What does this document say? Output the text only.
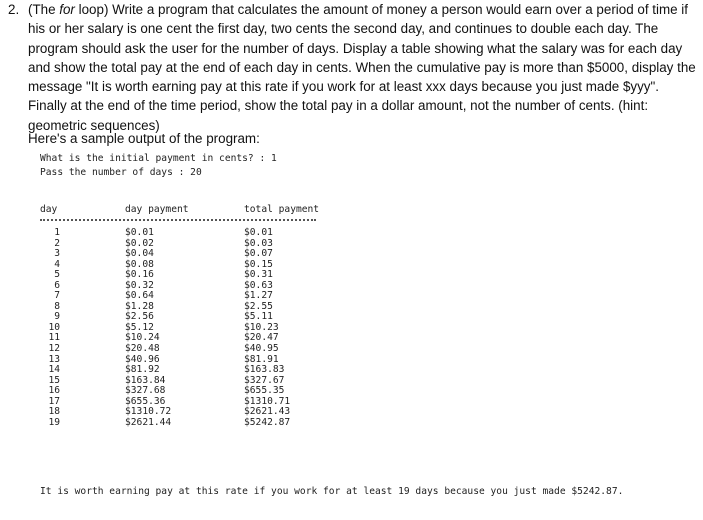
2. (The for loop) Write a program that calculates the amount of money a person would earn over a period of time if his or her salary is one cent the first day, two cents the second day, and continues to double each day. The program should ask the user for the number of days. Display a table showing what the salary was for each day and show the total pay at the end of each day in cents. When the cumulative pay is more than $5000, display the message "It is worth earning pay at this rate if you work for at least xxx days because you just made $yyy". Finally at the end of the time period, show the total pay in a dollar amount, not the number of cents. (hint: geometric sequences)

Here's a sample output of the program:
What is the initial payment in cents? : 1
Pass the number of days : 20
day	day payment	total payment
1	$0.01	$0.01
2	$0.02	$0.03
3	$0.04	$0.07
4	$0.08	$0.15
5	$0.16	$0.31
6	$0.32	$0.63
7	$0.64	$1.27
8	$1.28	$2.55
9	$2.56	$5.11
10	$5.12	$10.23
11	$10.24	$20.47
12	$20.48	$40.95
13	$40.96	$81.91
14	$81.92	$163.83
15	$163.84	$327.67
16	$327.68	$655.35
17	$655.36	$1310.71
18	$1310.72	$2621.43
19	$2621.44	$5242.87
It is worth earning pay at this rate if you work for at least 19 days because you just made $5242.87.
